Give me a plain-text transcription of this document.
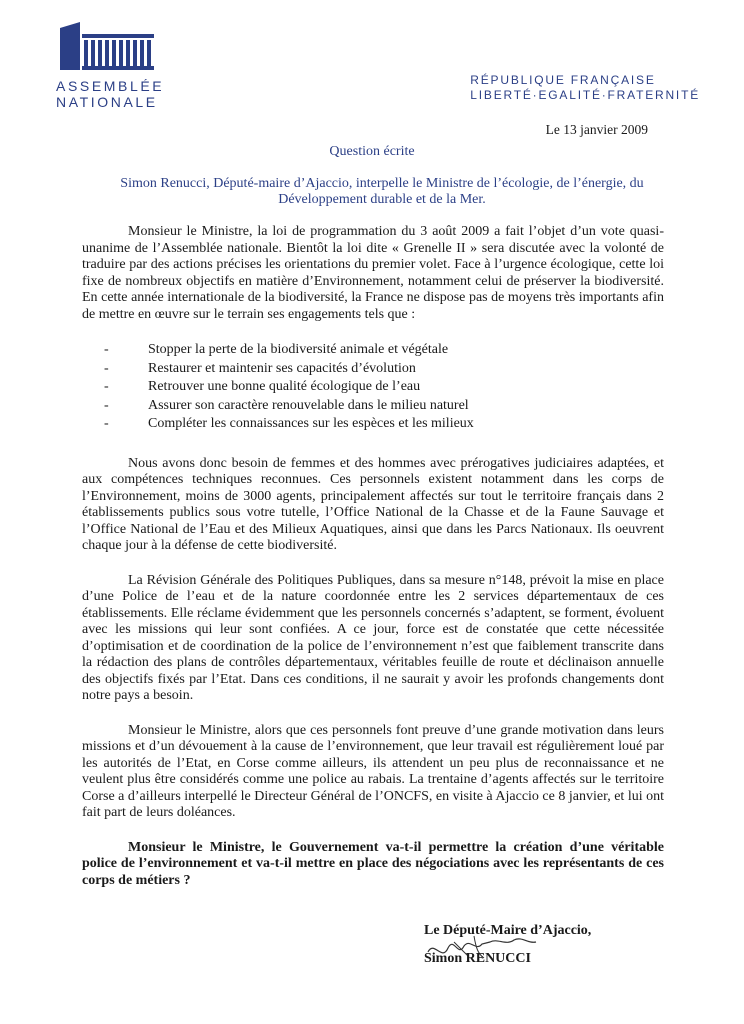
ASSEMBLÉE
NATIONALE
RÉPUBLIQUE FRANÇAISE
LIBERTÉ·EGALITÉ·FRATERNITÉ
Le 13 janvier 2009
Question écrite
Simon Renucci, Député-maire d’Ajaccio, interpelle le Ministre de l’écologie, de l’énergie, du Développement durable et de la Mer.

Monsieur le Ministre, la loi de programmation du 3 août 2009 a fait l’objet d’un vote quasi-unanime de l’Assemblée nationale. Bientôt la loi dite « Grenelle II » sera discutée avec la volonté de traduire par des actions précises les orientations du premier volet. Face à l’urgence écologique, cette loi fixe de nombreux objectifs en matière d’Environnement, notamment celui de préserver la biodiversité. En cette année internationale de la biodiversité, la France ne dispose pas de moyens très importants afin de mettre en œuvre sur le terrain ses engagements tels que :

- Stopper la perte de la biodiversité animale et végétale
- Restaurer et maintenir ses capacités d’évolution
- Retrouver une bonne qualité écologique de l’eau
- Assurer son caractère renouvelable dans le milieu naturel
- Compléter les connaissances sur les espèces et les milieux

Nous avons donc besoin de femmes et des hommes avec prérogatives judiciaires adaptées, et aux compétences techniques reconnues. Ces personnels existent notamment dans les corps de l’Environnement, moins de 3000 agents, principalement affectés sur tout le territoire français dans 2 établissements publics sous votre tutelle, l’Office National de la Chasse et de la Faune Sauvage et l’Office National de l’Eau et des Milieux Aquatiques, ainsi que dans les Parcs Nationaux. Ils oeuvrent chaque jour à la défense de cette biodiversité.

La Révision Générale des Politiques Publiques, dans sa mesure n°148, prévoit la mise en place d’une Police de l’eau et de la nature coordonnée entre les 2 services départementaux de ces établissements. Elle réclame évidemment que les personnels concernés s’adaptent, se forment, évoluent avec les missions qui leur sont confiées. A ce jour, force est de constatée que cette nécessitée d’optimisation et de coordination de la police de l’environnement n’est que faiblement transcrite dans la rédaction des plans de contrôles départementaux, véritables feuille de route et déclinaison annuelle des objectifs fixés par l’Etat. Dans ces conditions, il ne saurait y avoir les profonds changements dont notre pays a besoin.

Monsieur le Ministre, alors que ces personnels font preuve d’une grande motivation dans leurs missions et d’un dévouement à la cause de l’environnement, que leur travail est régulièrement loué par les autorités de l’Etat, en Corse comme ailleurs, ils attendent un peu plus de reconnaissance et ne veulent plus être considérés comme une police au rabais. La trentaine d’agents affectés sur le territoire Corse a d’ailleurs interpellé le Directeur Général de l’ONCFS, en visite à Ajaccio ce 8 janvier, et lui ont fait part de leurs doléances.

Monsieur le Ministre, le Gouvernement va-t-il permettre la création d’une véritable police de l’environnement et va-t-il mettre en place des négociations avec les représentants de ces corps de métiers ?

Le Député-Maire d’Ajaccio,
Simon RENUCCI
